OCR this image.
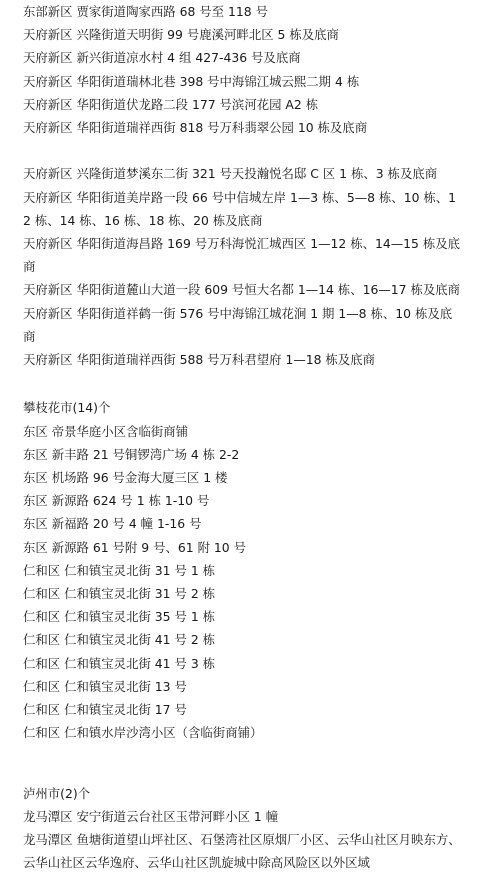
东部新区 贾家街道陶家西路 68 号至 118 号
天府新区 兴隆街道天明街 99 号鹿溪河畔北区 5 栋及底商
天府新区 新兴街道凉水村 4 组 427-436 号及底商
天府新区 华阳街道瑞林北巷 398 号中海锦江城云熙二期 4 栋
天府新区 华阳街道伏龙路二段 177 号滨河花园 A2 栋
天府新区 华阳街道瑞祥西街 818 号万科翡翠公园 10 栋及底商
天府新区 兴隆街道梦溪东二街 321 号天投瀚悦名邸 C 区 1 栋、3 栋及底商
天府新区 华阳街道美岸路一段 66 号中信城左岸 1—3 栋、5—8 栋、10 栋、12 栋、14 栋、16 栋、18 栋、20 栋及底商
天府新区 华阳街道海昌路 169 号万科海悦汇城西区 1—12 栋、14—15 栋及底商
天府新区 华阳街道麓山大道一段 609 号恒大名都 1—14 栋、16—17 栋及底商
天府新区 华阳街道祥鹤一街 576 号中海锦江城花涧 1 期 1—8 栋、10 栋及底商
天府新区 华阳街道瑞祥西街 588 号万科君望府 1—18 栋及底商
攀枝花市(14)个
东区 帝景华庭小区含临街商铺
东区 新丰路 21 号铜锣湾广场 4 栋 2-2
东区 机场路 96 号金海大厦三区 1 楼
东区 新源路 624 号 1 栋 1-10 号
东区 新福路 20 号 4 幢 1-16 号
东区 新源路 61 号附 9 号、61 附 10 号
仁和区 仁和镇宝灵北街 31 号 1 栋
仁和区 仁和镇宝灵北街 31 号 2 栋
仁和区 仁和镇宝灵北街 35 号 1 栋
仁和区 仁和镇宝灵北街 41 号 2 栋
仁和区 仁和镇宝灵北街 41 号 3 栋
仁和区 仁和镇宝灵北街 13 号
仁和区 仁和镇宝灵北街 17 号
仁和区 仁和镇水岸沙湾小区（含临街商铺）
泸州市(2)个
龙马潭区 安宁街道云台社区玉带河畔小区 1 幢
龙马潭区 鱼塘街道望山坪社区、石堡湾社区原烟厂小区、云华山社区月映东方、云华山社区云华逸府、云华山社区凯旋城中除高风险区以外区域
